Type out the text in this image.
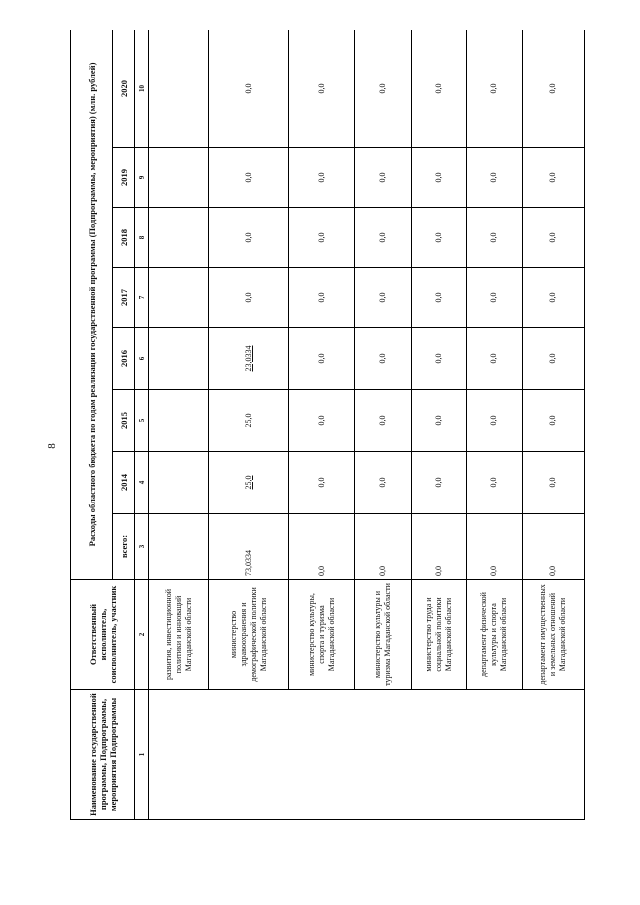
8
Наименование государственной программы, Подпрограммы, мероприятия Подпрограммы	Ответственный исполнитель, соисполнитель, участник	Расходы областного бюджета по годам реализации государственной программы (Подпрограммы, мероприятия) (млн. рублей)							
		всего:	2014	2015	2016	2017	2018	2019	2020
1	2	3	4	5	6	7	8	9	10
	развития, инвестиционной политики и инноваций Магаданской области								
	министерство здравоохранения и демографической политики Магаданской области	73,0334	25,0	25,0	23,0334	0,0	0,0	0,0	0,0
	министерство культуры, спорта и туризма Магаданской области	0,0	0,0	0,0	0,0	0,0	0,0	0,0	0,0
	министерство культуры и туризма Магаданской области	0,0	0,0	0,0	0,0	0,0	0,0	0,0	0,0
	министерство труда и социальной политики Магаданской области	0,0	0,0	0,0	0,0	0,0	0,0	0,0	0,0
	департамент физической культуры и спорта Магаданской области	0,0	0,0	0,0	0,0	0,0	0,0	0,0	0,0
	департамент имущественных и земельных отношений Магаданской области	0,0	0,0	0,0	0,0	0,0	0,0	0,0	0,0
